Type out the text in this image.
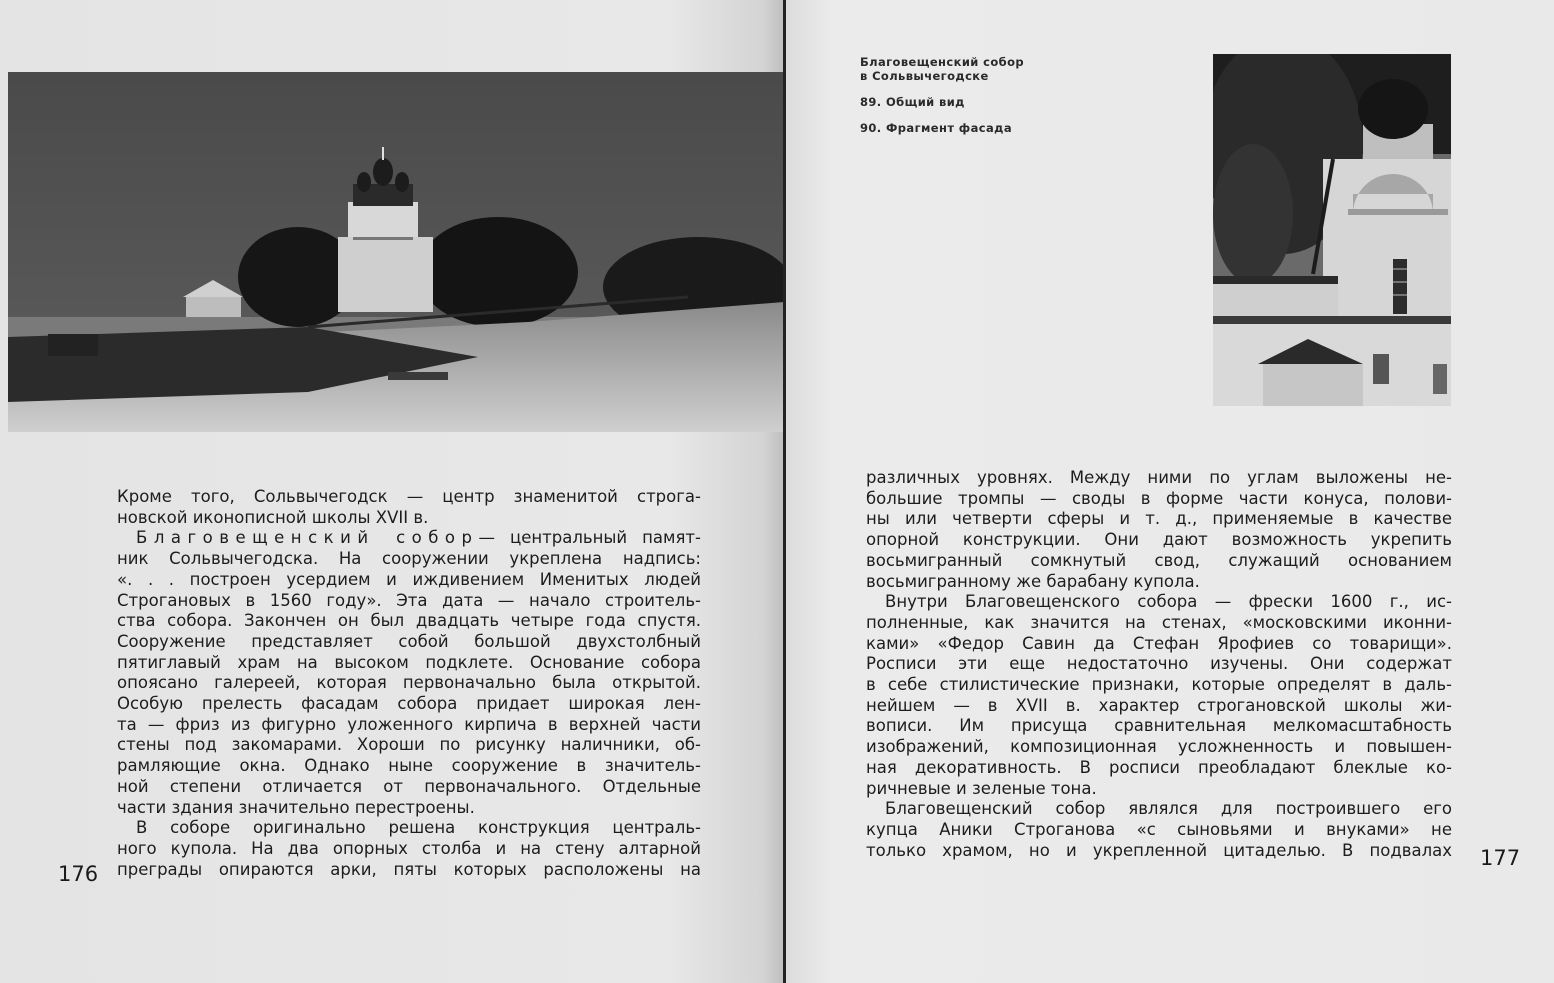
Кроме того, Сольвычегодск — центр знаменитой строга-
новской иконописной школы XVII в.
Благовещенский собор— центральный памят-
ник Сольвычегодска. На сооружении укреплена надпись:
«. . . построен усердием и иждивением Именитых людей
Строгановых в 1560 году». Эта дата — начало строитель-
ства собора. Закончен он был двадцать четыре года спустя.
Сооружение представляет собой большой двухстолбный
пятиглавый храм на высоком подклете. Основание собора
опоясано галереей, которая первоначально была открытой.
Особую прелесть фасадам собора придает широкая лен-
та — фриз из фигурно уложенного кирпича в верхней части
стены под закомарами. Хороши по рисунку наличники, об-
рамляющие окна. Однако ныне сооружение в значитель-
ной степени отличается от первоначального. Отдельные
части здания значительно перестроены.
В соборе оригинально решена конструкция централь-
ного купола. На два опорных столба и на стену алтарной
преграды опираются арки, пяты которых расположены на
176

Благовещенский собор
в Сольвычегодске

89. Общий вид

90. Фрагмент фасада

различных уровнях. Между ними по углам выложены не-
большие тромпы — своды в форме части конуса, полови-
ны или четверти сферы и т. д., применяемые в качестве
опорной конструкции. Они дают возможность укрепить
восьмигранный сомкнутый свод, служащий основанием
восьмигранному же барабану купола.
Внутри Благовещенского собора — фрески 1600 г., ис-
полненные, как значится на стенах, «московскими иконни-
ками» «Федор Савин да Стефан Ярофиев со товарищи».
Росписи эти еще недостаточно изучены. Они содержат
в себе стилистические признаки, которые определят в даль-
нейшем — в XVII в. характер строгановской школы жи-
вописи. Им присуща сравнительная мелкомасштабность
изображений, композиционная усложненность и повышен-
ная декоративность. В росписи преобладают блеклые ко-
ричневые и зеленые тона.
Благовещенский собор являлся для построившего его
купца Аники Строганова «с сыновьями и внуками» не
только храмом, но и укрепленной цитаделью. В подвалах 177
